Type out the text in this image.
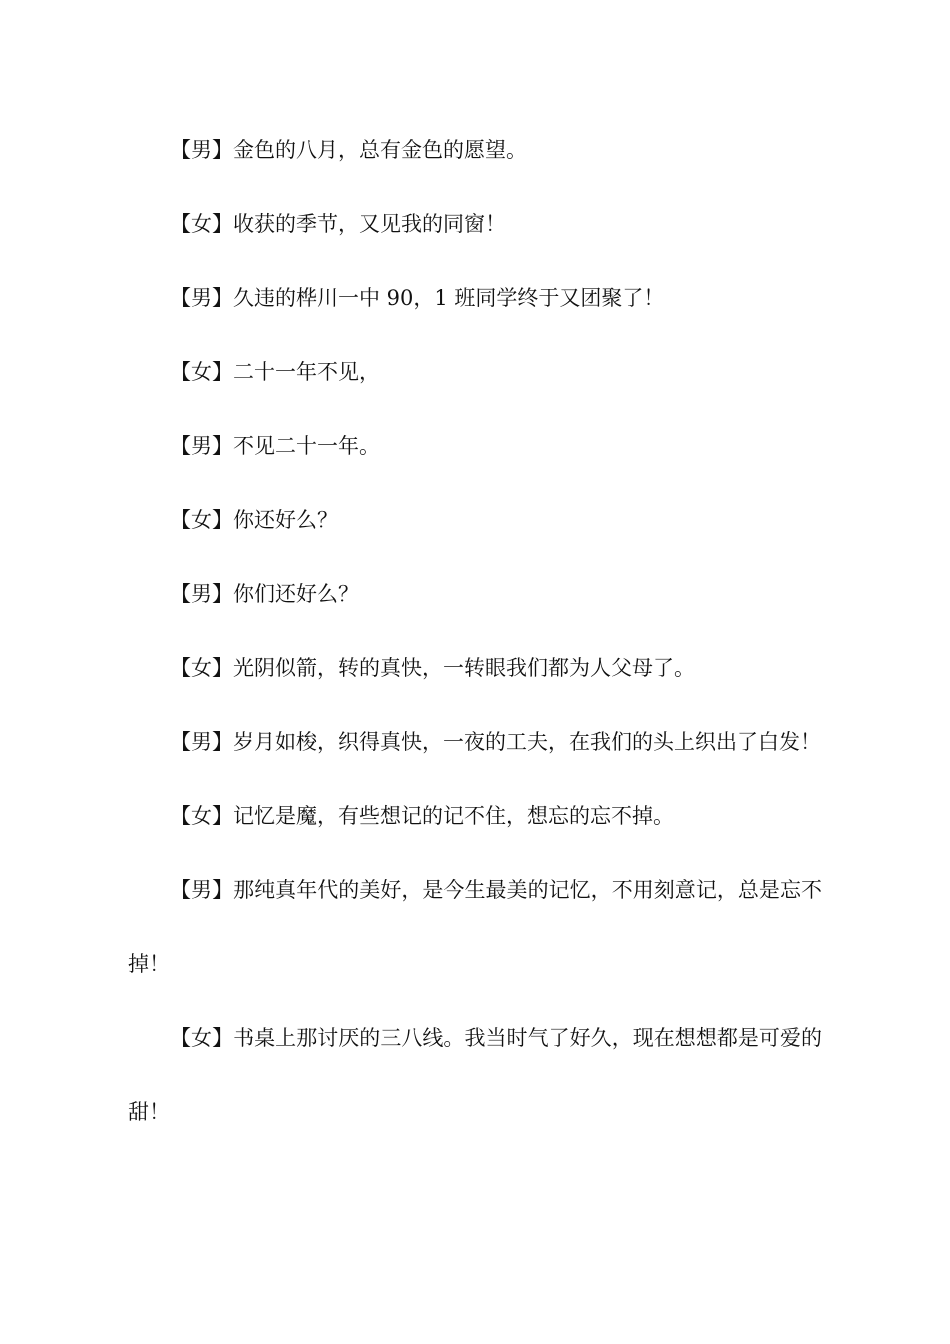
【男】金色的八月，总有金色的愿望。

【女】收获的季节，又见我的同窗！

【男】久违的桦川一中 90，1 班同学终于又团聚了！

【女】二十一年不见，

【男】不见二十一年。

【女】你还好么？

【男】你们还好么？

【女】光阴似箭，转的真快，一转眼我们都为人父母了。

【男】岁月如梭，织得真快，一夜的工夫，在我们的头上织出了白发！

【女】记忆是魔，有些想记的记不住，想忘的忘不掉。

【男】那纯真年代的美好，是今生最美的记忆，不用刻意记，总是忘不掉！

【女】书桌上那讨厌的三八线。我当时气了好久，现在想想都是可爱的甜！
